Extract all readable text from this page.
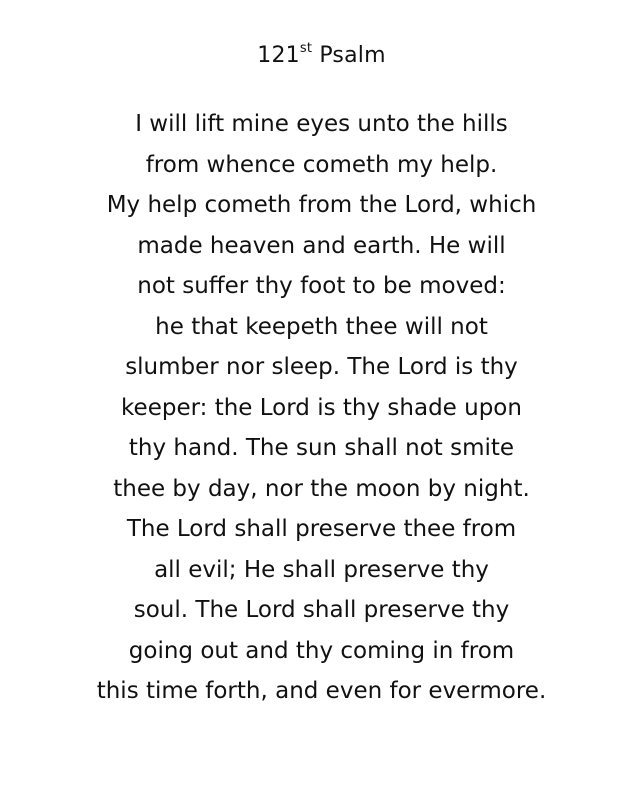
121st Psalm
I will lift mine eyes unto the hills
from whence cometh my help.
My help cometh from the Lord, which
made heaven and earth. He will
not suffer thy foot to be moved:
he that keepeth thee will not
slumber nor sleep. The Lord is thy
keeper: the Lord is thy shade upon
thy hand. The sun shall not smite
thee by day, nor the moon by night.
The Lord shall preserve thee from
all evil; He shall preserve thy
soul. The Lord shall preserve thy
going out and thy coming in from
this time forth, and even for evermore.
